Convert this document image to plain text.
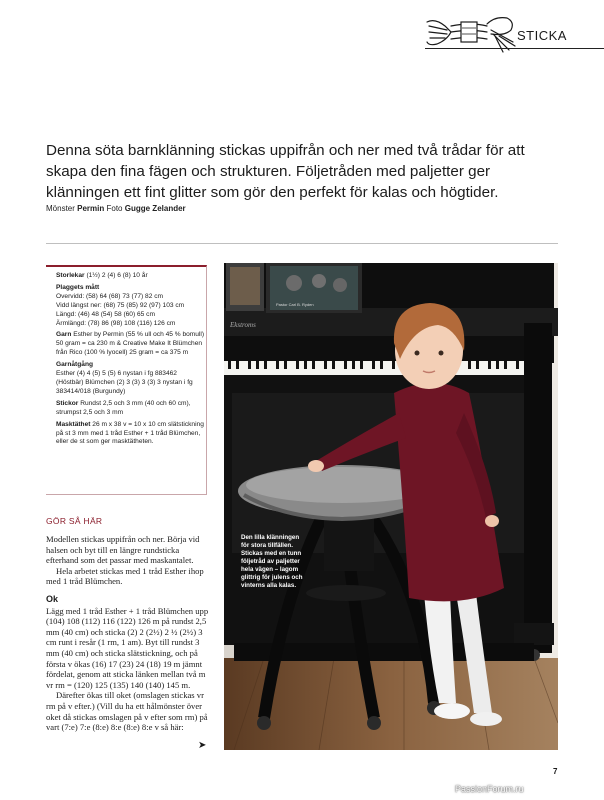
STICKA
Denna söta barnklänning stickas uppifrån och ner med två trådar för att skapa den fina fägen och strukturen. Följetråden med paljetter ger klänningen ett fint glitter som gör den perfekt för kalas och högtider.
Mönster Permin Foto Gugge Zelander

Storlekar (1½) 2 (4) 6 (8) 10 år

Plaggets mått
Overvidd: (58) 64 (68) 73 (77) 82 cm
Vidd längst ner: (68) 75 (85) 92 (97) 103 cm
Längd: (46) 48 (54) 58 (60) 65 cm
Ärmlängd: (78) 86 (98) 108 (116) 126 cm

Garn Esther by Permin (55 % ull och 45 % bomull) 50 gram = ca 230 m & Creative Make It Blümchen från Rico (100 % lyocell) 25 gram = ca 375 m

Garnåtgång
Esther (4) 4 (5) 5 (5) 6 nystan i fg 883462 (Höstbär) Blümchen (2) 3 (3) 3 (3) 3 nystan i fg 383414/018 (Burgundy)

Stickor Rundst 2,5 och 3 mm (40 och 60 cm), strumpst 2,5 och 3 mm

Masktäthet 26 m x 38 v = 10 x 10 cm slätstickning på st 3 mm med 1 tråd Esther + 1 tråd Blümchen, eller de st som ger masktätheten.

GÖR SÅ HÄR

Modellen stickas uppifrån och ner. Börja vid halsen och byt till en längre rundsticka efterhand som det passar med maskantalet.

Hela arbetet stickas med 1 tråd Esther ihop med 1 tråd Blümchen.

Ok

Lägg med 1 tråd Esther + 1 tråd Blümchen upp (104) 108 (112) 116 (122) 126 m på rundst 2,5 mm (40 cm) och sticka (2) 2 (2½) 2 ½ (2½) 3 cm runt i resår (1 rm, 1 am). Byt till rundst 3 mm (40 cm) och sticka slätstickning, och på första v ökas (16) 17 (23) 24 (18) 19 m jämnt fördelat, genom att sticka länken mellan två m vr rm = (120) 125 (135) 140 (140) 145 m.

Därefter ökas till oket (omslagen stickas vr rm på v efter.) (Vill du ha ett hålmönster över oket då stickas omslagen på v efter som rm) på vart (7:e) 7:e (8:e) 8:e (8:e) 8:e v så här:

➤
Pastor Carl B. Ryden
Ekstroms
Den lilla klänningen för stora tillfällen. Stickas med en tunn följetråd av paljetter hela vägen – lagom glittrig för julens och vinterns alla kalas.
7
PassionForum.ru
